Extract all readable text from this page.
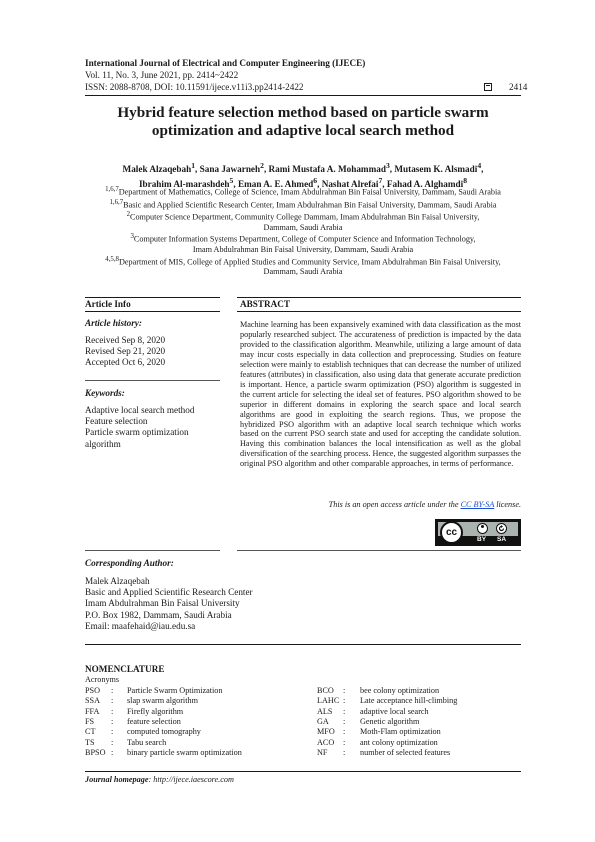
International Journal of Electrical and Computer Engineering (IJECE)
Vol. 11, No. 3, June 2021, pp. 2414~2422
ISSN: 2088-8708, DOI: 10.11591/ijece.v11i3.pp2414-2422	2414
Hybrid feature selection method based on particle swarm
optimization and adaptive local search method
Malek Alzaqebah$^1$, Sana Jawarneh$^2$, Rami Mustafa A. Mohammad$^3$, Mutasem K. Alsmadi$^4$,
Ibrahim Al-marashdeh$^5$, Eman A. E. Ahmed$^6$, Nashat Alrefai$^7$, Fahad A. Alghamdi$^8$
$^{1,6,7}$Department of Mathematics, College of Science, Imam Abdulrahman Bin Faisal University, Dammam, Saudi Arabia
$^{1,6,7}$Basic and Applied Scientific Research Center, Imam Abdulrahman Bin Faisal University, Dammam, Saudi Arabia
$^2$Computer Science Department, Community College Dammam, Imam Abdulrahman Bin Faisal University,
Dammam, Saudi Arabia
$^3$Computer Information Systems Department, College of Computer Science and Information Technology,
Imam Abdulrahman Bin Faisal University, Dammam, Saudi Arabia
$^{4,5,8}$Department of MIS, College of Applied Studies and Community Service, Imam Abdulrahman Bin Faisal University,
Dammam, Saudi Arabia
Article Info
Article history:
Received Sep 8, 2020
Revised Sep 21, 2020
Accepted Oct 6, 2020
Keywords:
Adaptive local search method
Feature selection
Particle swarm optimization
algorithm
ABSTRACT
Machine learning has been expansively examined with data classification as the most popularly researched subject. The accurateness of prediction is impacted by the data provided to the classification algorithm. Meanwhile, utilizing a large amount of data may incur costs especially in data collection and preprocessing. Studies on feature selection were mainly to establish techniques that can decrease the number of utilized features (attributes) in classification, also using data that generate accurate prediction is important. Hence, a particle swarm optimization (PSO) algorithm is suggested in the current article for selecting the ideal set of features. PSO algorithm showed to be superior in different domains in exploring the search space and local search algorithms are good in exploiting the search regions. Thus, we propose the hybridized PSO algorithm with an adaptive local search technique which works based on the current PSO search state and used for accepting the candidate solution. Having this combination balances the local intensification as well as the global diversification of the searching process. Hence, the suggested algorithm surpasses the original PSO algorithm and other comparable approaches, in terms of performance.
This is an open access article under the CC BY-SA license.
cc
BY SA
Corresponding Author:
Malek Alzaqebah
Basic and Applied Scientific Research Center
Imam Abdulrahman Bin Faisal University
P.O. Box 1982, Dammam, Saudi Arabia
Email: maafehaid@iau.edu.sa
NOMENCLATURE
Acronyms
PSO : Particle Swarm Optimization
SSA : slap swarm algorithm
FFA : Firefly algorithm
FS : feature selection
CT : computed tomography
TS : Tabu search
BPSO : binary particle swarm optimization
BCO : bee colony optimization
LAHC : Late acceptance hill-climbing
ALS : adaptive local search
GA : Genetic algorithm
MFO : Moth-Flam optimization
ACO : ant colony optimization
NF : number of selected features
Journal homepage: http://ijece.iaescore.com
